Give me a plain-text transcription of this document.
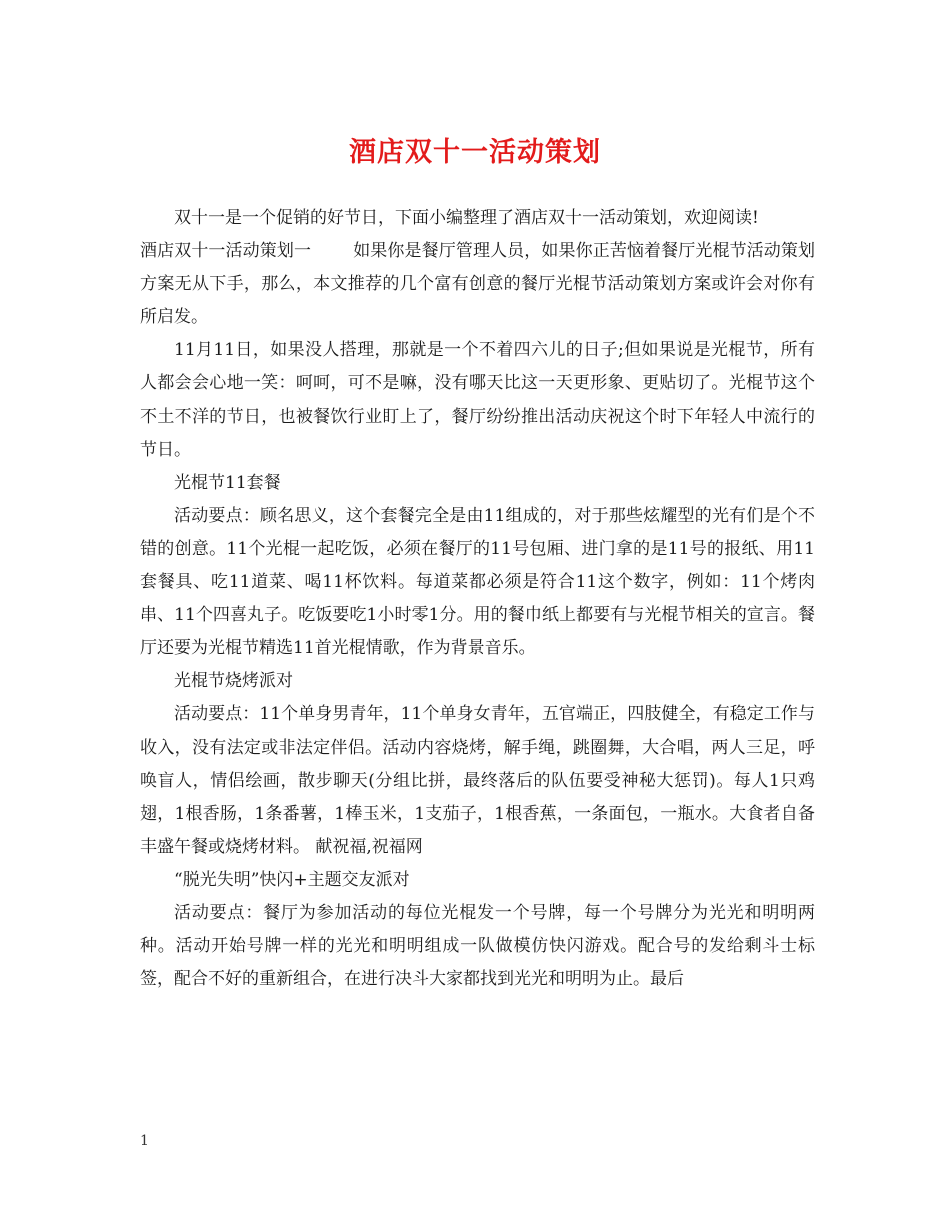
酒店双十一活动策划

双十一是一个促销的好节日，下面小编整理了酒店双十一活动策划，欢迎阅读!

酒店双十一活动策划一 如果你是餐厅管理人员，如果你正苦恼着餐厅光棍节活动策划方案无从下手，那么，本文推荐的几个富有创意的餐厅光棍节活动策划方案或许会对你有所启发。

11月11日，如果没人搭理，那就是一个不着四六儿的日子;但如果说是光棍节，所有人都会会心地一笑：呵呵，可不是嘛，没有哪天比这一天更形象、更贴切了。光棍节这个不土不洋的节日，也被餐饮行业盯上了，餐厅纷纷推出活动庆祝这个时下年轻人中流行的节日。

光棍节11套餐

活动要点：顾名思义，这个套餐完全是由11组成的，对于那些炫耀型的光有们是个不错的创意。11个光棍一起吃饭，必须在餐厅的11号包厢、进门拿的是11号的报纸、用11套餐具、吃11道菜、喝11杯饮料。每道菜都必须是符合11这个数字，例如：11个烤肉串、11个四喜丸子。吃饭要吃1小时零1分。用的餐巾纸上都要有与光棍节相关的宣言。餐厅还要为光棍节精选11首光棍情歌，作为背景音乐。

光棍节烧烤派对

活动要点：11个单身男青年，11个单身女青年，五官端正，四肢健全，有稳定工作与收入，没有法定或非法定伴侣。活动内容烧烤，解手绳，跳圈舞，大合唱，两人三足，呼唤盲人，情侣绘画，散步聊天(分组比拼，最终落后的队伍要受神秘大惩罚)。每人1只鸡翅，1根香肠，1条番薯，1棒玉米，1支茄子，1根香蕉，一条面包，一瓶水。大食者自备丰盛午餐或烧烤材料。 献祝福,祝福网

“脱光失明”快闪+主题交友派对

活动要点：餐厅为参加活动的每位光棍发一个号牌，每一个号牌分为光光和明明两种。活动开始号牌一样的光光和明明组成一队做模仿快闪游戏。配合号的发给剩斗士标签，配合不好的重新组合，在进行决斗大家都找到光光和明明为止。最后

1
